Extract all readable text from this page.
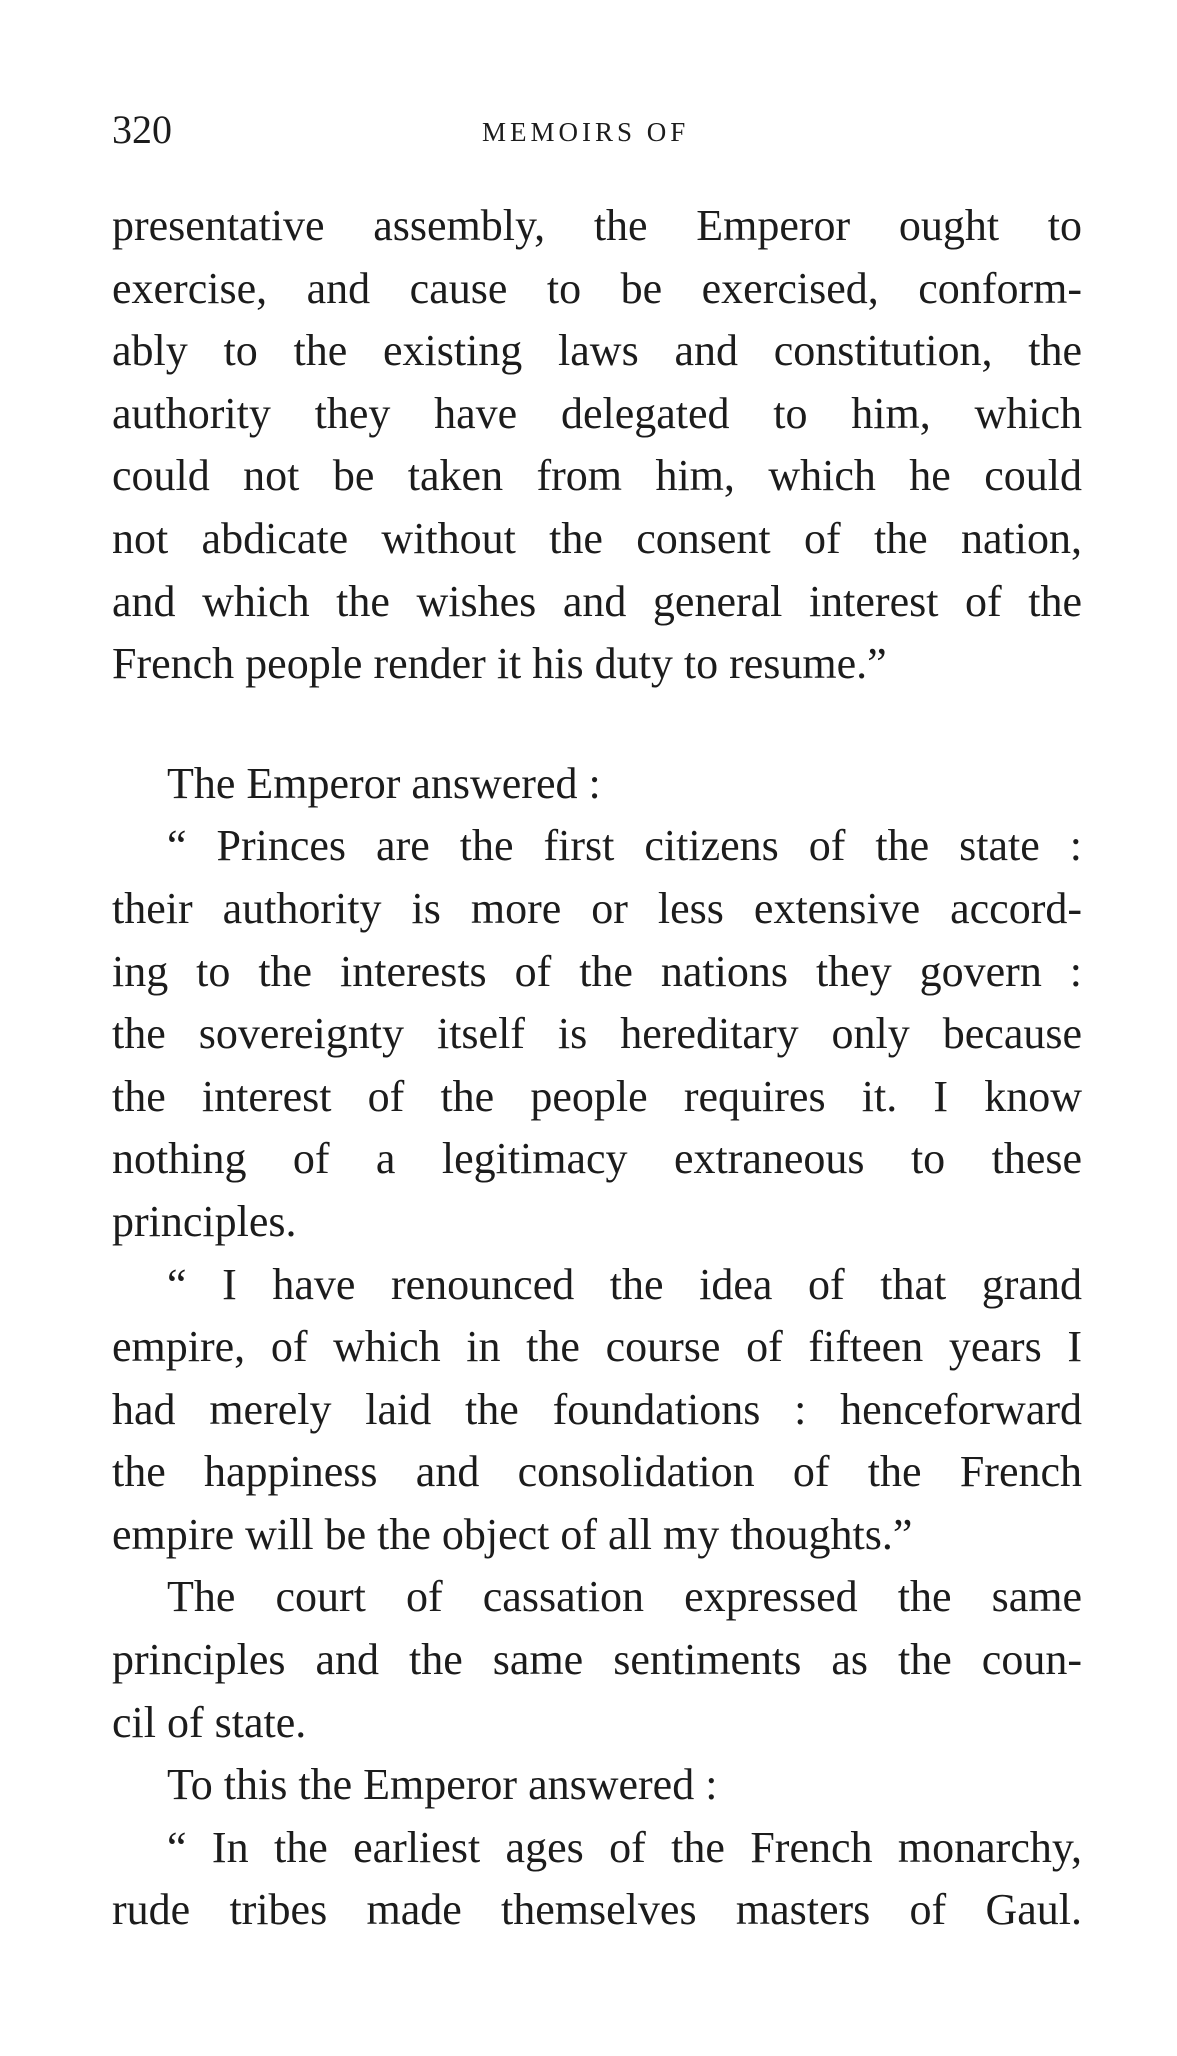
320	MEMOIRS OF
presentative assembly, the Emperor ought to
exercise, and cause to be exercised, conform-
ably to the existing laws and constitution, the
authority they have delegated to him, which
could not be taken from him, which he could
not abdicate without the consent of the nation,
and which the wishes and general interest of the
French people render it his duty to resume.”
The Emperor answered :
“ Princes are the first citizens of the state :
their authority is more or less extensive accord-
ing to the interests of the nations they govern :
the sovereignty itself is hereditary only because
the interest of the people requires it. I know
nothing of a legitimacy extraneous to these
principles.
“ I have renounced the idea of that grand
empire, of which in the course of fifteen years I
had merely laid the foundations : henceforward
the happiness and consolidation of the French
empire will be the object of all my thoughts.”
The court of cassation expressed the same
principles and the same sentiments as the coun-
cil of state.
To this the Emperor answered :
“ In the earliest ages of the French monarchy,
rude tribes made themselves masters of Gaul.
